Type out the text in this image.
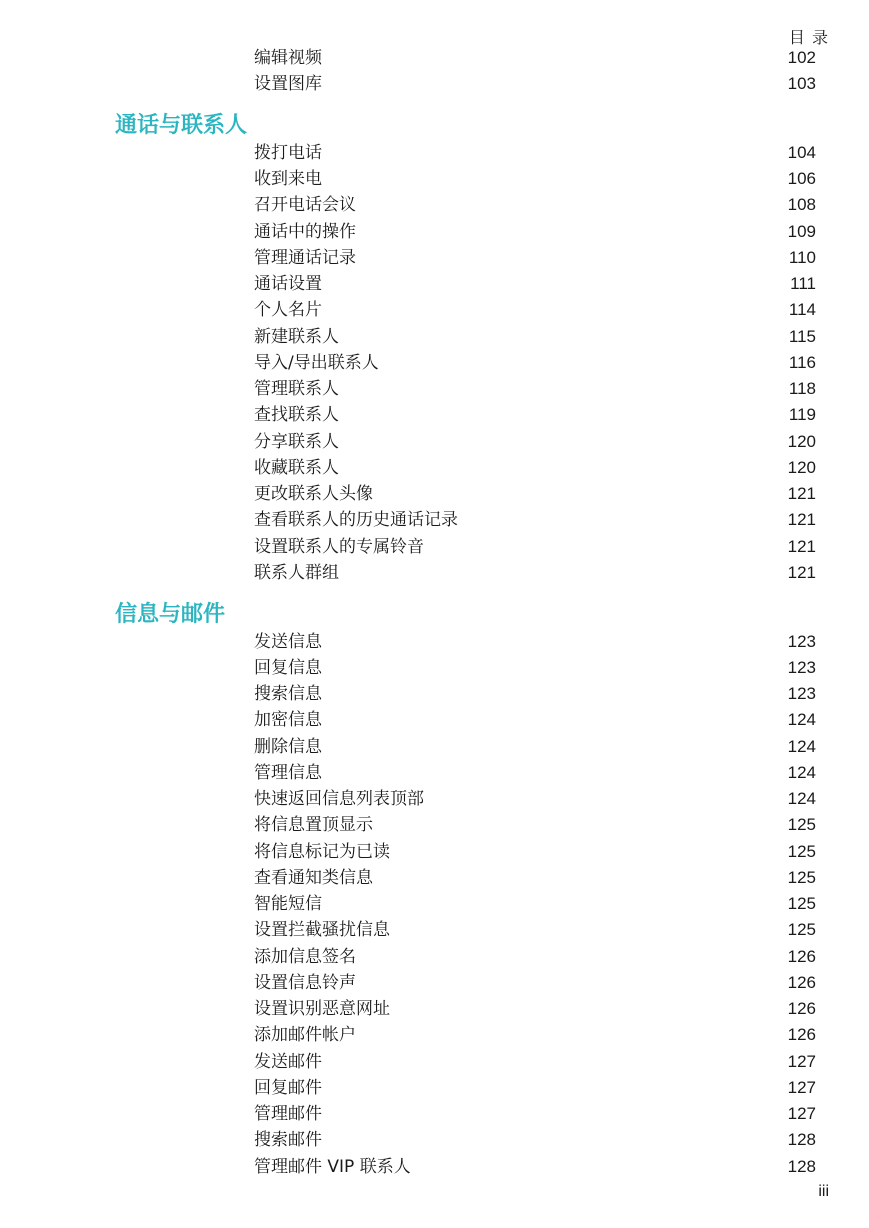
目 录
编辑视频	102
设置图库	103
通话与联系人
拨打电话	104
收到来电	106
召开电话会议	108
通话中的操作	109
管理通话记录	110
通话设置	111
个人名片	114
新建联系人	115
导入/导出联系人	116
管理联系人	118
查找联系人	119
分享联系人	120
收藏联系人	120
更改联系人头像	121
查看联系人的历史通话记录	121
设置联系人的专属铃音	121
联系人群组	121
信息与邮件
发送信息	123
回复信息	123
搜索信息	123
加密信息	124
删除信息	124
管理信息	124
快速返回信息列表顶部	124
将信息置顶显示	125
将信息标记为已读	125
查看通知类信息	125
智能短信	125
设置拦截骚扰信息	125
添加信息签名	126
设置信息铃声	126
设置识别恶意网址	126
添加邮件帐户	126
发送邮件	127
回复邮件	127
管理邮件	127
搜索邮件	128
管理邮件 VIP 联系人	128
iii
